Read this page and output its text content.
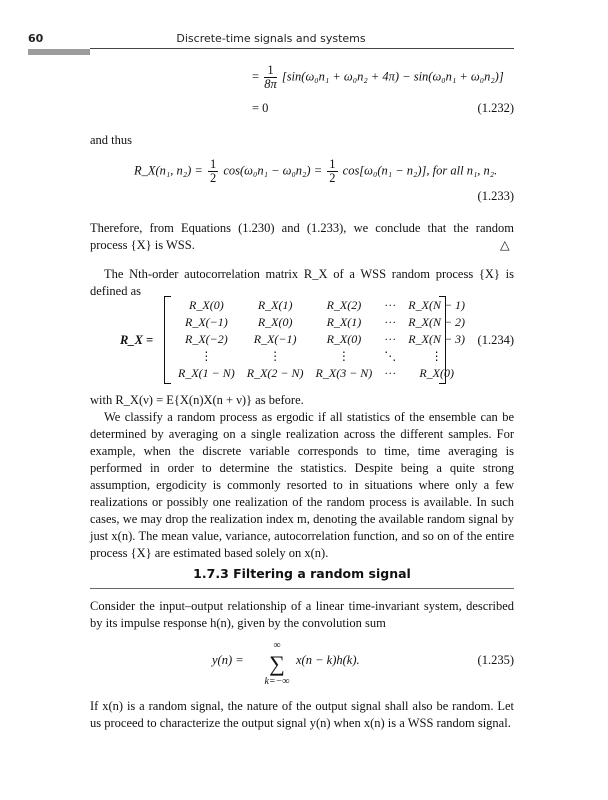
60	Discrete-time signals and systems
= $\frac{1}{8\pi} [\sin(\omega_0n_1 + \omega_0n_2 + 4\pi) - \sin(\omega_0n_1 + \omega_0n_2)]$
= 0	(1.232)
and thus
R_X(n₁, $n_2) = \frac{1}{2} \cos(\omega_0n_1 - \omega_0n_2) = \frac{1}{2} \cos[\omega_0(n_1 - n_2)]$, for all n₁, n₂.
(1.233)
Therefore, from Equations (1.230) and (1.233), we conclude that the random process {X} is WSS.	△
The Nth-order autocorrelation matrix R_X of a WSS random process {X} is defined as
R_X =
R_X(0)	R_X(1)	R_X(2)	···	R_X(N − 1)
R_X(−1)	R_X(0)	R_X(1)	···	R_X(N − 2)
R_X(−2)	R_X(−1)	R_X(0)	···	R_X(N − 3)
⋮	⋮	⋮	⋱	⋮
R_X(1 − N)	R_X(2 − N)	R_X(3 − N)	···	R_X(0)
(1.234)
with R_X(ν) = E{X(n)X(n + ν)} as before.
We classify a random process as ergodic if all statistics of the ensemble can be determined by averaging on a single realization across the different samples. For example, when the discrete variable corresponds to time, time averaging is performed in order to determine the statistics. Despite being a quite strong assumption, ergodicity is commonly resorted to in situations where only a few realizations or possibly one realization of the random process is available. In such cases, we may drop the realization index m, denoting the available random signal by just x(n). The mean value, variance, autocorrelation function, and so on of the entire process {X} are estimated based solely on x(n).
1.7.3 Filtering a random signal
Consider the input–output relationship of a linear time-invariant system, described by its impulse response h(n), given by the convolution sum
y(n) =
∞
∑
k=−∞
x(n − k)h(k).	(1.235)
If x(n) is a random signal, the nature of the output signal shall also be random. Let us proceed to characterize the output signal y(n) when x(n) is a WSS random signal.
